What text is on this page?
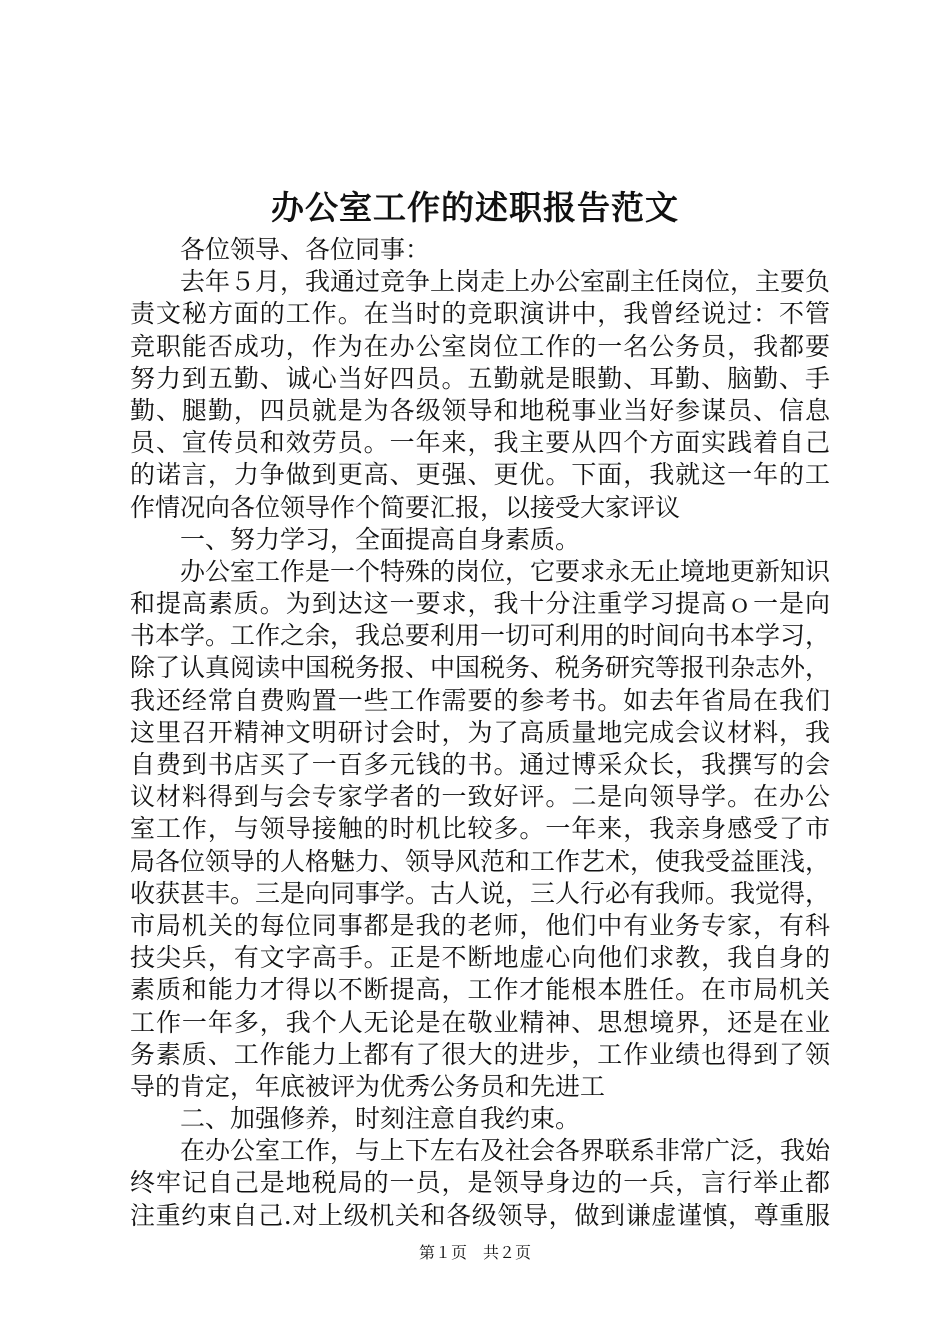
办公室工作的述职报告范文
各位领导、各位同事：
去年５月，我通过竞争上岗走上办公室副主任岗位，主要负
责文秘方面的工作。在当时的竞职演讲中，我曾经说过：不管
竞职能否成功，作为在办公室岗位工作的一名公务员，我都要
努力到五勤、诚心当好四员。五勤就是眼勤、耳勤、脑勤、手
勤、腿勤，四员就是为各级领导和地税事业当好参谋员、信息
员、宣传员和效劳员。一年来，我主要从四个方面实践着自己
的诺言，力争做到更高、更强、更优。下面，我就这一年的工
作情况向各位领导作个简要汇报，以接受大家评议
一、努力学习，全面提高自身素质。
办公室工作是一个特殊的岗位，它要求永无止境地更新知识
和提高素质。为到达这一要求，我十分注重学习提高ｏ一是向
书本学。工作之余，我总要利用一切可利用的时间向书本学习，
除了认真阅读中国税务报、中国税务、税务研究等报刊杂志外，
我还经常自费购置一些工作需要的参考书。如去年省局在我们
这里召开精神文明研讨会时，为了高质量地完成会议材料，我
自费到书店买了一百多元钱的书。通过博采众长，我撰写的会
议材料得到与会专家学者的一致好评。二是向领导学。在办公
室工作，与领导接触的时机比较多。一年来，我亲身感受了市
局各位领导的人格魅力、领导风范和工作艺术，使我受益匪浅，
收获甚丰。三是向同事学。古人说，三人行必有我师。我觉得，
市局机关的每位同事都是我的老师，他们中有业务专家，有科
技尖兵，有文字高手。正是不断地虚心向他们求教，我自身的
素质和能力才得以不断提高，工作才能根本胜任。在市局机关
工作一年多，我个人无论是在敬业精神、思想境界，还是在业
务素质、工作能力上都有了很大的进步，工作业绩也得到了领
导的肯定，年底被评为优秀公务员和先进工
二、加强修养，时刻注意自我约束。
在办公室工作，与上下左右及社会各界联系非常广泛，我始
终牢记自己是地税局的一员，是领导身边的一兵，言行举止都
注重约束自己.对上级机关和各级领导，做到谦虚谨慎，尊重服
第１页　共２页
